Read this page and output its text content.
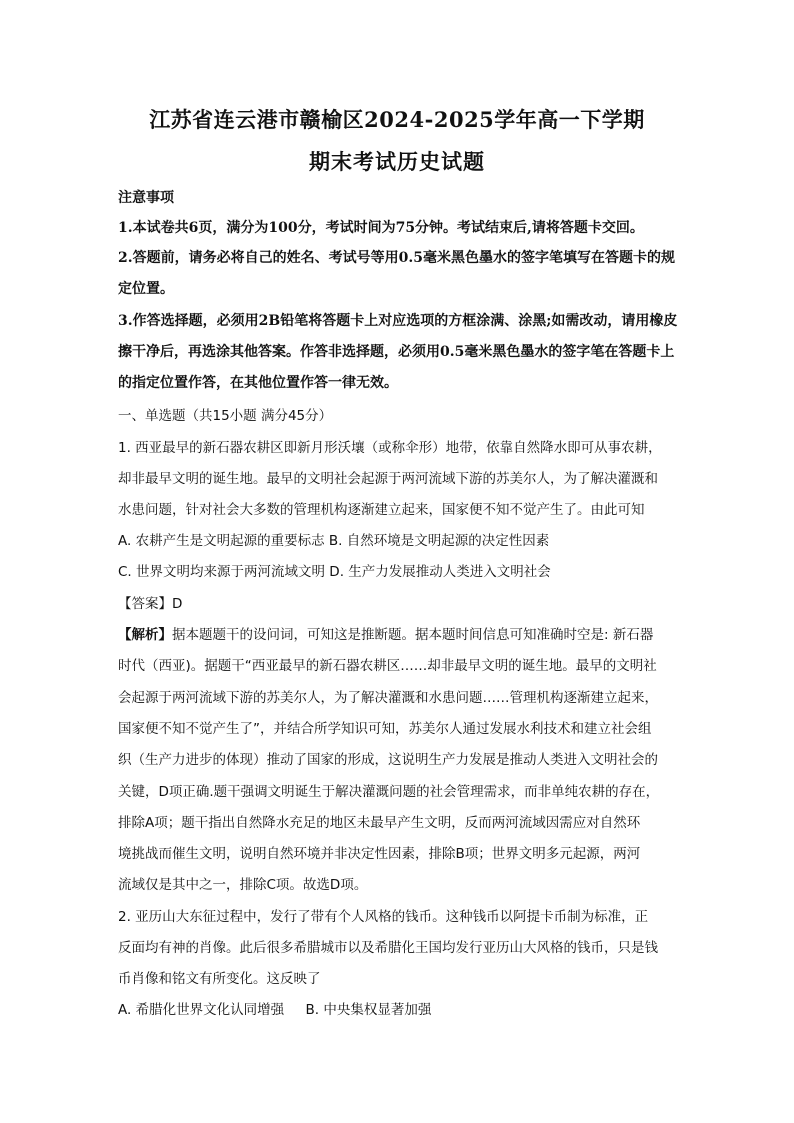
江苏省连云港市赣榆区2024-2025学年高一下学期
期末考试历史试题
注意事项
1.本试卷共6页，满分为100分，考试时间为75分钟。考试结束后,请将答题卡交回。
2.答题前，请务必将自己的姓名、考试号等用0.5毫米黑色墨水的签字笔填写在答题卡的规
定位置。
3.作答选择题，必须用2B铅笔将答题卡上对应选项的方框涂满、涂黑;如需改动，请用橡皮
擦干净后，再选涂其他答案。作答非选择题，必须用0.5毫米黑色墨水的签字笔在答题卡上
的指定位置作答，在其他位置作答一律无效。
一、单选题（共15小题 满分45分）
1. 西亚最早的新石器农耕区即新月形沃壤（或称伞形）地带，依靠自然降水即可从事农耕，
却非最早文明的诞生地。最早的文明社会起源于两河流域下游的苏美尔人，为了解决灌溉和
水患问题，针对社会大多数的管理机构逐渐建立起来，国家便不知不觉产生了。由此可知
A. 农耕产生是文明起源的重要标志 B. 自然环境是文明起源的决定性因素
C. 世界文明均来源于两河流域文明 D. 生产力发展推动人类进入文明社会
【答案】D
【解析】据本题题干的设问词，可知这是推断题。据本题时间信息可知准确时空是: 新石器
时代（西亚)。据题干“西亚最早的新石器农耕区……却非最早文明的诞生地。最早的文明社
会起源于两河流域下游的苏美尔人，为了解决灌溉和水患问题……管理机构逐渐建立起来，
国家便不知不觉产生了”，并结合所学知识可知，苏美尔人通过发展水利技术和建立社会组
织（生产力进步的体现）推动了国家的形成，这说明生产力发展是推动人类进入文明社会的
关键，D项正确.题干强调文明诞生于解决灌溉问题的社会管理需求，而非单纯农耕的存在，
排除A项；题干指出自然降水充足的地区未最早产生文明，反而两河流域因需应对自然环
境挑战而催生文明，说明自然环境并非决定性因素，排除B项；世界文明多元起源，两河
流域仅是其中之一，排除C项。故选D项。
2. 亚历山大东征过程中，发行了带有个人风格的钱币。这种钱币以阿提卡币制为标准，正
反面均有神的肖像。此后很多希腊城市以及希腊化王国均发行亚历山大风格的钱币，只是钱
币肖像和铭文有所变化。这反映了
A. 希腊化世界文化认同增强     B. 中央集权显著加强
